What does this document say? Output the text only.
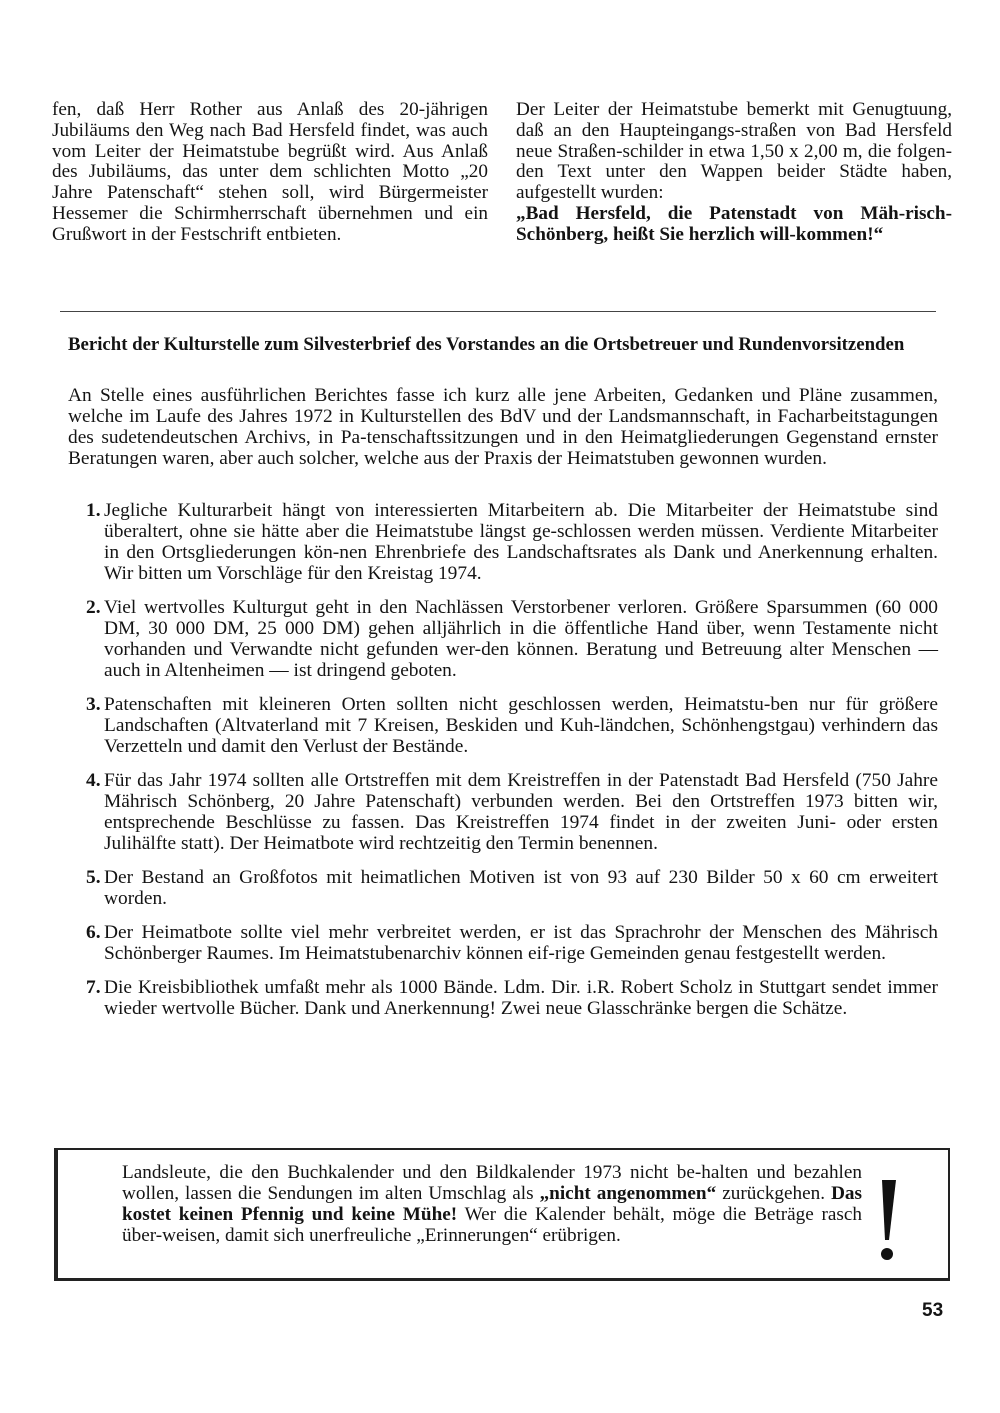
fen, daß Herr Rother aus Anlaß des 20-jährigen Jubiläums den Weg nach Bad Hersfeld findet, was auch vom Leiter der Heimatstube begrüßt wird. Aus Anlaß des Jubiläums, das unter dem schlichten Motto „20 Jahre Patenschaft“ stehen soll, wird Bürgermeister Hessemer die Schirmherrschaft übernehmen und ein Grußwort in der Festschrift entbieten.

Der Leiter der Heimatstube bemerkt mit Genugtuung, daß an den Haupteingangs-straßen von Bad Hersfeld neue Straßen-schilder in etwa 1,50 x 2,00 m, die folgen-den Text unter den Wappen beider Städte haben, aufgestellt wurden:

„Bad Hersfeld, die Patenstadt von Mäh-risch-Schönberg, heißt Sie herzlich will-kommen!“

Bericht der Kulturstelle zum Silvesterbrief des Vorstandes an die Ortsbetreuer und Rundenvorsitzenden

An Stelle eines ausführlichen Berichtes fasse ich kurz alle jene Arbeiten, Gedanken und Pläne zusammen, welche im Laufe des Jahres 1972 in Kulturstellen des BdV und der Landsmannschaft, in Facharbeitstagungen des sudetendeutschen Archivs, in Pa-tenschaftssitzungen und in den Heimatgliederungen Gegenstand ernster Beratungen waren, aber auch solcher, welche aus der Praxis der Heimatstuben gewonnen wurden.

1. Jegliche Kulturarbeit hängt von interessierten Mitarbeitern ab. Die Mitarbeiter der Heimatstube sind überaltert, ohne sie hätte aber die Heimatstube längst ge-schlossen werden müssen. Verdiente Mitarbeiter in den Ortsgliederungen kön-nen Ehrenbriefe des Landschaftsrates als Dank und Anerkennung erhalten. Wir bitten um Vorschläge für den Kreistag 1974.
2. Viel wertvolles Kulturgut geht in den Nachlässen Verstorbener verloren. Größere Sparsummen (60 000 DM, 30 000 DM, 25 000 DM) gehen alljährlich in die öffentliche Hand über, wenn Testamente nicht vorhanden und Verwandte nicht gefunden wer-den können. Beratung und Betreuung alter Menschen — auch in Altenheimen — ist dringend geboten.
3. Patenschaften mit kleineren Orten sollten nicht geschlossen werden, Heimatstu-ben nur für größere Landschaften (Altvaterland mit 7 Kreisen, Beskiden und Kuh-ländchen, Schönhengstgau) verhindern das Verzetteln und damit den Verlust der Bestände.
4. Für das Jahr 1974 sollten alle Ortstreffen mit dem Kreistreffen in der Patenstadt Bad Hersfeld (750 Jahre Mährisch Schönberg, 20 Jahre Patenschaft) verbunden werden. Bei den Ortstreffen 1973 bitten wir, entsprechende Beschlüsse zu fassen. Das Kreistreffen 1974 findet in der zweiten Juni- oder ersten Julihälfte statt). Der Heimatbote wird rechtzeitig den Termin benennen.
5. Der Bestand an Großfotos mit heimatlichen Motiven ist von 93 auf 230 Bilder 50 x 60 cm erweitert worden.
6. Der Heimatbote sollte viel mehr verbreitet werden, er ist das Sprachrohr der Menschen des Mährisch Schönberger Raumes. Im Heimatstubenarchiv können eif-rige Gemeinden genau festgestellt werden.
7. Die Kreisbibliothek umfaßt mehr als 1000 Bände. Ldm. Dir. i.R. Robert Scholz in Stuttgart sendet immer wieder wertvolle Bücher. Dank und Anerkennung! Zwei neue Glasschränke bergen die Schätze.

Landsleute, die den Buchkalender und den Bildkalender 1973 nicht be-halten und bezahlen wollen, lassen die Sendungen im alten Umschlag als „nicht angenommen“ zurückgehen. Das kostet keinen Pfennig und keine Mühe! Wer die Kalender behält, möge die Beträge rasch über-weisen, damit sich unerfreuliche „Erinnerungen“ erübrigen.

53
